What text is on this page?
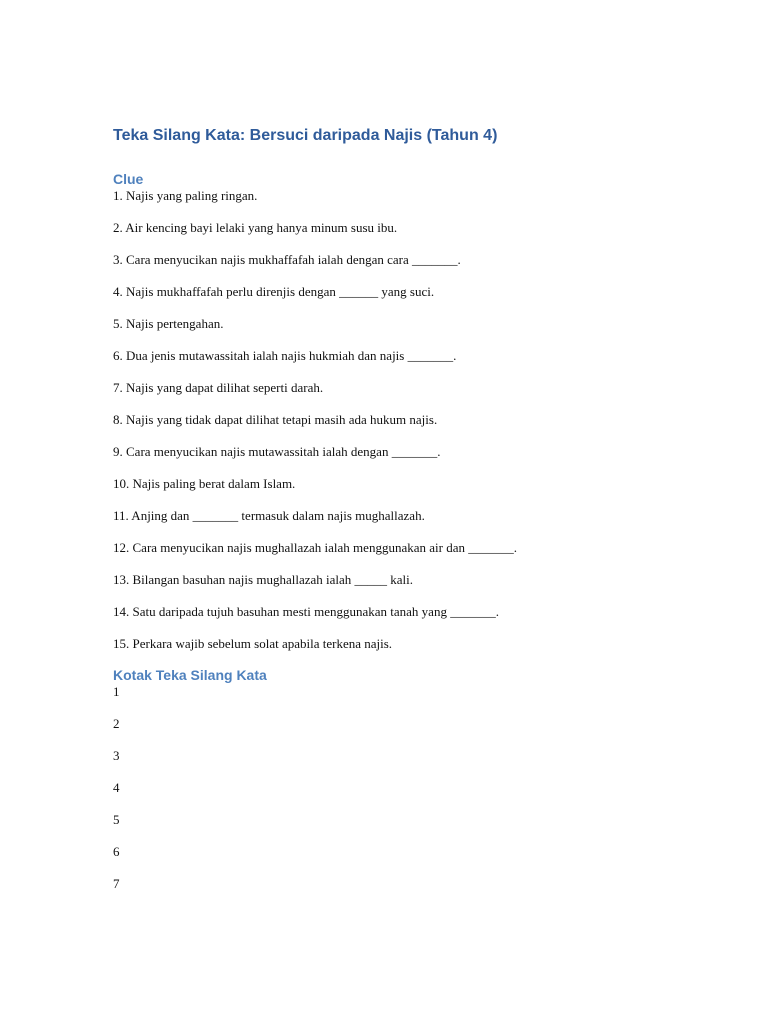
Teka Silang Kata: Bersuci daripada Najis (Tahun 4)
Clue
1. Najis yang paling ringan.
2. Air kencing bayi lelaki yang hanya minum susu ibu.
3. Cara menyucikan najis mukhaffafah ialah dengan cara _______.
4. Najis mukhaffafah perlu direnjis dengan ______ yang suci.
5. Najis pertengahan.
6. Dua jenis mutawassitah ialah najis hukmiah dan najis _______.
7. Najis yang dapat dilihat seperti darah.
8. Najis yang tidak dapat dilihat tetapi masih ada hukum najis.
9. Cara menyucikan najis mutawassitah ialah dengan _______.
10. Najis paling berat dalam Islam.
11. Anjing dan _______ termasuk dalam najis mughallazah.
12. Cara menyucikan najis mughallazah ialah menggunakan air dan _______.
13. Bilangan basuhan najis mughallazah ialah _____ kali.
14. Satu daripada tujuh basuhan mesti menggunakan tanah yang _______.
15. Perkara wajib sebelum solat apabila terkena najis.
Kotak Teka Silang Kata
1
2
3
4
5
6
7
